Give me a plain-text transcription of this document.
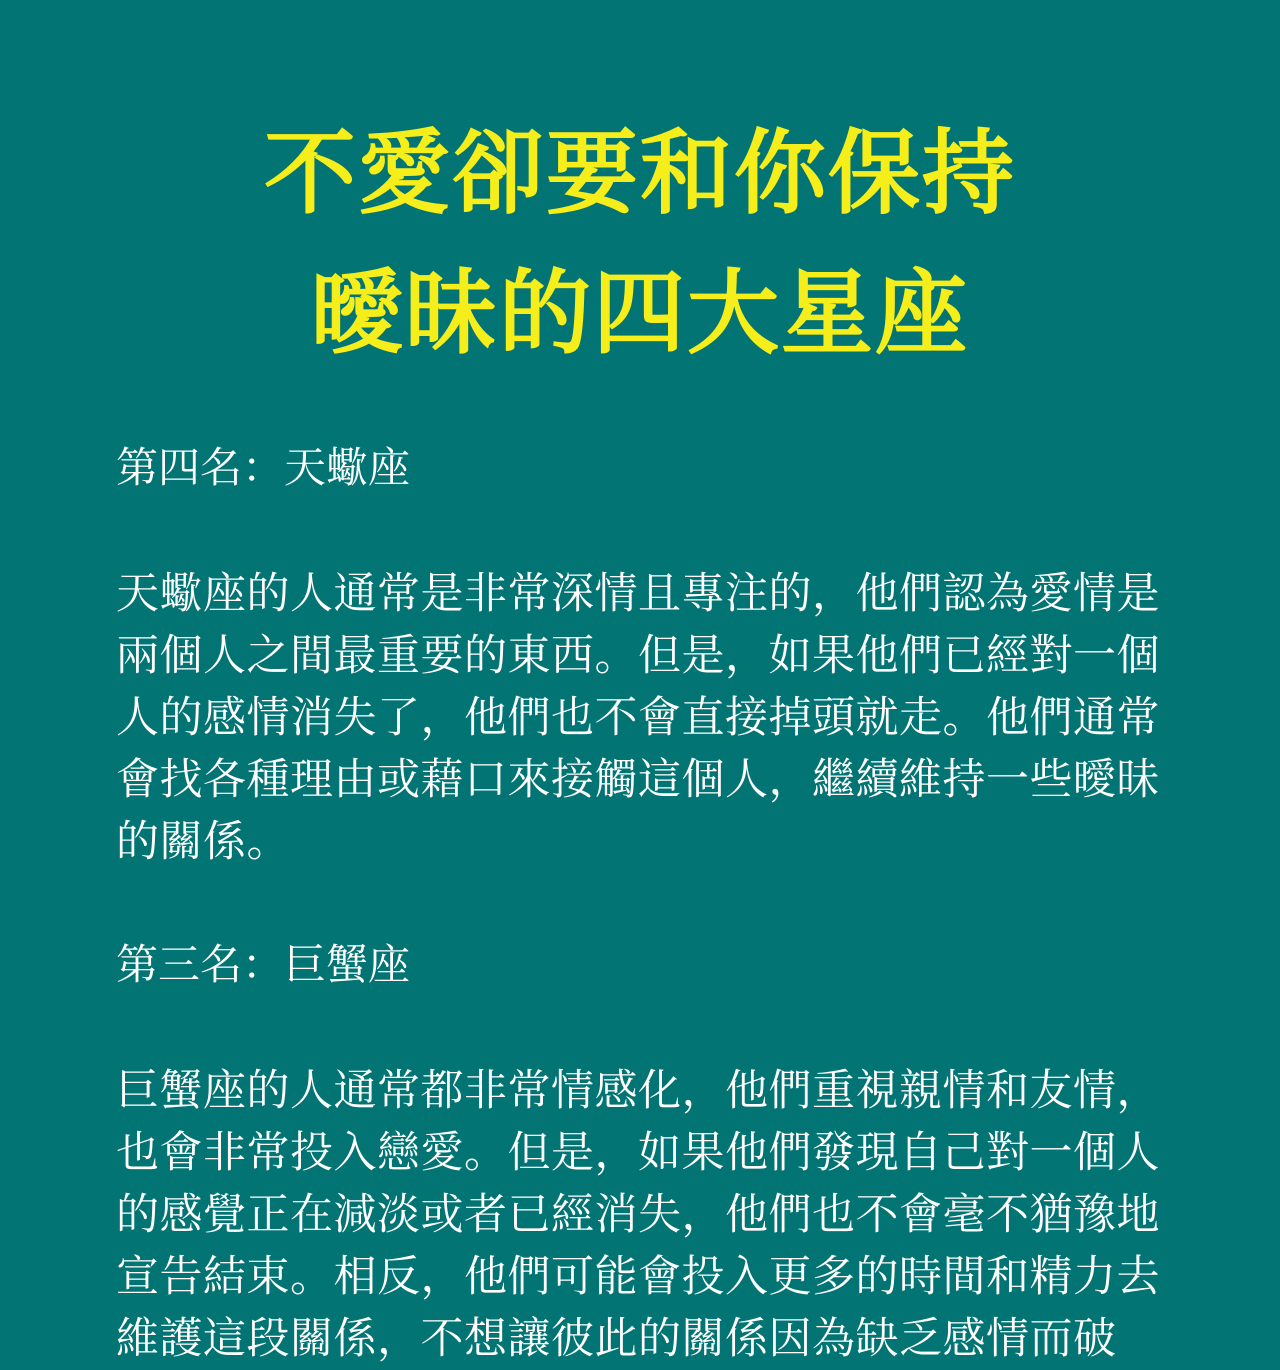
不愛卻要和你保持
曖昧的四大星座
第四名：天蠍座
天蠍座的人通常是非常深情且專注的，他們認為愛情是
兩個人之間最重要的東西。但是，如果他們已經對一個
人的感情消失了，他們也不會直接掉頭就走。他們通常
會找各種理由或藉口來接觸這個人，繼續維持一些曖昧
的關係。
第三名：巨蟹座
巨蟹座的人通常都非常情感化，他們重視親情和友情，
也會非常投入戀愛。但是，如果他們發現自己對一個人
的感覺正在減淡或者已經消失，他們也不會毫不猶豫地
宣告結束。相反，他們可能會投入更多的時間和精力去
維護這段關係，不想讓彼此的關係因為缺乏感情而破
